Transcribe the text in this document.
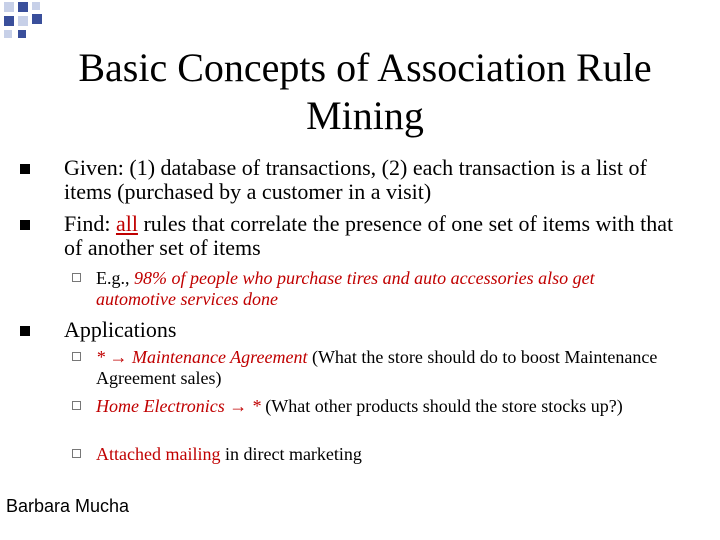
Basic Concepts of Association Rule Mining
Given: (1) database of transactions, (2) each transaction is a list of items (purchased by a customer in a visit)
Find: all rules that correlate the presence of one set of items with that of another set of items
E.g., 98% of people who purchase tires and auto accessories also get automotive services done
Applications
* → Maintenance Agreement (What the store should do to boost Maintenance Agreement sales)
Home Electronics → * (What other products should the store stocks up?)
Attached mailing in direct marketing
Barbara Mucha
